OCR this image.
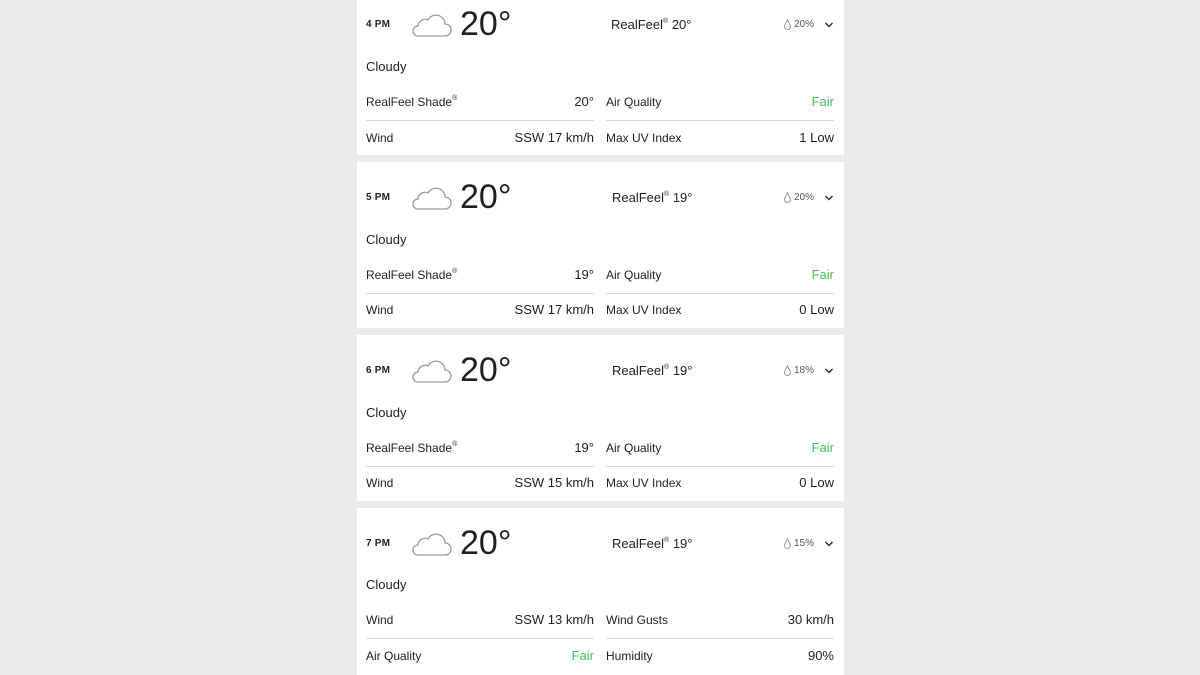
4 PM 20°	RealFeel® 20°	20%
Cloudy
RealFeel Shade®	20° Air Quality	Fair
Wind	SSW 17 km/h Max UV Index	1 Low
5 PM 20°	RealFeel® 19°	20%
Cloudy
RealFeel Shade®	19° Air Quality	Fair
Wind	SSW 17 km/h Max UV Index	0 Low
6 PM 20°	RealFeel® 19°	18%
Cloudy
RealFeel Shade®	19° Air Quality	Fair
Wind	SSW 15 km/h Max UV Index	0 Low
7 PM 20°	RealFeel® 19°	15%
Cloudy
Wind	SSW 13 km/h Wind Gusts	30 km/h
Air Quality	Fair Humidity	90%
